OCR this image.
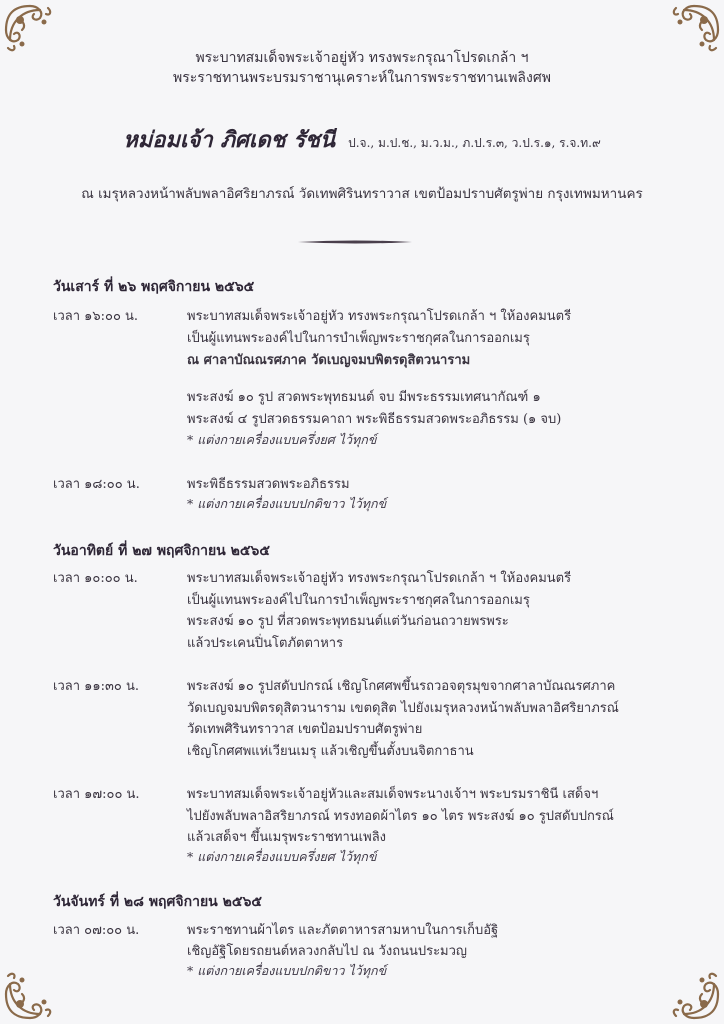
พระบาทสมเด็จพระเจ้าอยู่หัว ทรงพระกรุณาโปรดเกล้า ฯ
พระราชทานพระบรมราชานุเคราะห์ในการพระราชทานเพลิงศพ
หม่อมเจ้า ภิศเดช รัชนี ป.จ., ม.ป.ช., ม.ว.ม., ภ.ป.ร.๓, ว.ป.ร.๑, ร.จ.ท.๙
ณ เมรุหลวงหน้าพลับพลาอิศริยาภรณ์ วัดเทพศิรินทราวาส เขตป้อมปราบศัตรูพ่าย กรุงเทพมหานคร
วันเสาร์ ที่ ๒๖ พฤศจิกายน ๒๕๖๕
เวลา ๑๖:๐๐ น.	พระบาทสมเด็จพระเจ้าอยู่หัว ทรงพระกรุณาโปรดเกล้า ฯ ให้องคมนตรี
เป็นผู้แทนพระองค์ไปในการบำเพ็ญพระราชกุศลในการออกเมรุ
ณ ศาลาบัณณรศภาค วัดเบญจมบพิตรดุสิตวนาราม
พระสงฆ์ ๑๐ รูป สวดพระพุทธมนต์ จบ มีพระธรรมเทศนากัณฑ์ ๑
พระสงฆ์ ๔ รูปสวดธรรมคาถา พระพิธีธรรมสวดพระอภิธรรม (๑ จบ)
* แต่งกายเครื่องแบบครึ่งยศ ไว้ทุกข์
เวลา ๑๘:๐๐ น.	พระพิธีธรรมสวดพระอภิธรรม
* แต่งกายเครื่องแบบปกติขาว ไว้ทุกข์
วันอาทิตย์ ที่ ๒๗ พฤศจิกายน ๒๕๖๕
เวลา ๑๐:๐๐ น.	พระบาทสมเด็จพระเจ้าอยู่หัว ทรงพระกรุณาโปรดเกล้า ฯ ให้องคมนตรี
เป็นผู้แทนพระองค์ไปในการบำเพ็ญพระราชกุศลในการออกเมรุ
พระสงฆ์ ๑๐ รูป ที่สวดพระพุทธมนต์แต่วันก่อนถวายพรพระ
แล้วประเคนปิ่นโตภัตตาหาร
เวลา ๑๑:๓๐ น.	พระสงฆ์ ๑๐ รูปสดับปกรณ์ เชิญโกศศพขึ้นรถวอจตุรมุขจากศาลาบัณณรศภาค
วัดเบญจมบพิตรดุสิตวนาราม เขตดุสิต ไปยังเมรุหลวงหน้าพลับพลาอิศริยาภรณ์
วัดเทพศิรินทราวาส เขตป้อมปราบศัตรูพ่าย
เชิญโกศศพแห่เวียนเมรุ แล้วเชิญขึ้นตั้งบนจิตกาธาน
เวลา ๑๗:๐๐ น.	พระบาทสมเด็จพระเจ้าอยู่หัวและสมเด็จพระนางเจ้าฯ พระบรมราชินี เสด็จฯ
ไปยังพลับพลาอิสริยาภรณ์ ทรงทอดผ้าไตร ๑๐ ไตร พระสงฆ์ ๑๐ รูปสดับปกรณ์
แล้วเสด็จฯ ขึ้นเมรุพระราชทานเพลิง
* แต่งกายเครื่องแบบครึ่งยศ ไว้ทุกข์
วันจันทร์ ที่ ๒๘ พฤศจิกายน ๒๕๖๕
เวลา ๐๗:๐๐ น.	พระราชทานผ้าไตร และภัตตาหารสามหาบในการเก็บอัฐิ
เชิญอัฐิโดยรถยนต์หลวงกลับไป ณ วังถนนประมวญ
* แต่งกายเครื่องแบบปกติขาว ไว้ทุกข์
